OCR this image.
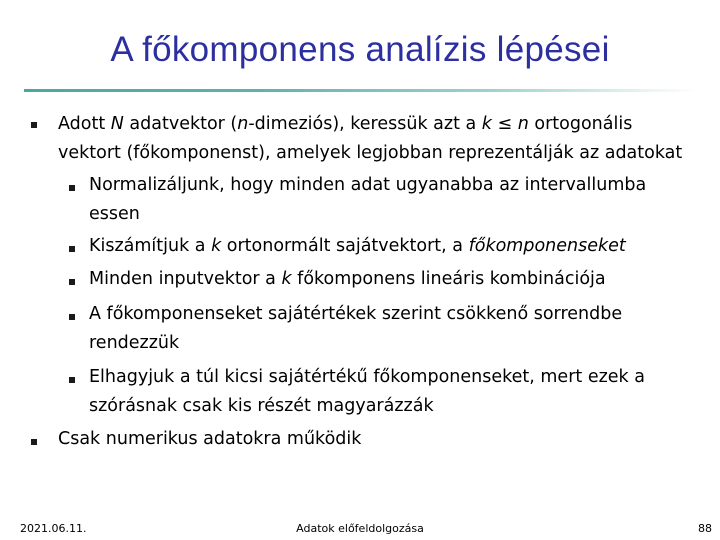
A főkomponens analízis lépései
Adott N adatvektor (n-dimeziós), keressük azt a k ≤ n ortogonális
vektort (főkomponenst), amelyek legjobban reprezentálják az adatokat
Normalizáljunk, hogy minden adat ugyanabba az intervallumba
essen
Kiszámítjuk a k ortonormált sajátvektort, a főkomponenseket
Minden inputvektor a k főkomponens lineáris kombinációja
A főkomponenseket sajátértékek szerint csökkenő sorrendbe
rendezzük
Elhagyjuk a túl kicsi sajátértékű főkomponenseket, mert ezek a
szórásnak csak kis részét magyarázzák
Csak numerikus adatokra működik
2021.06.11.	Adatok előfeldolgozása	88
